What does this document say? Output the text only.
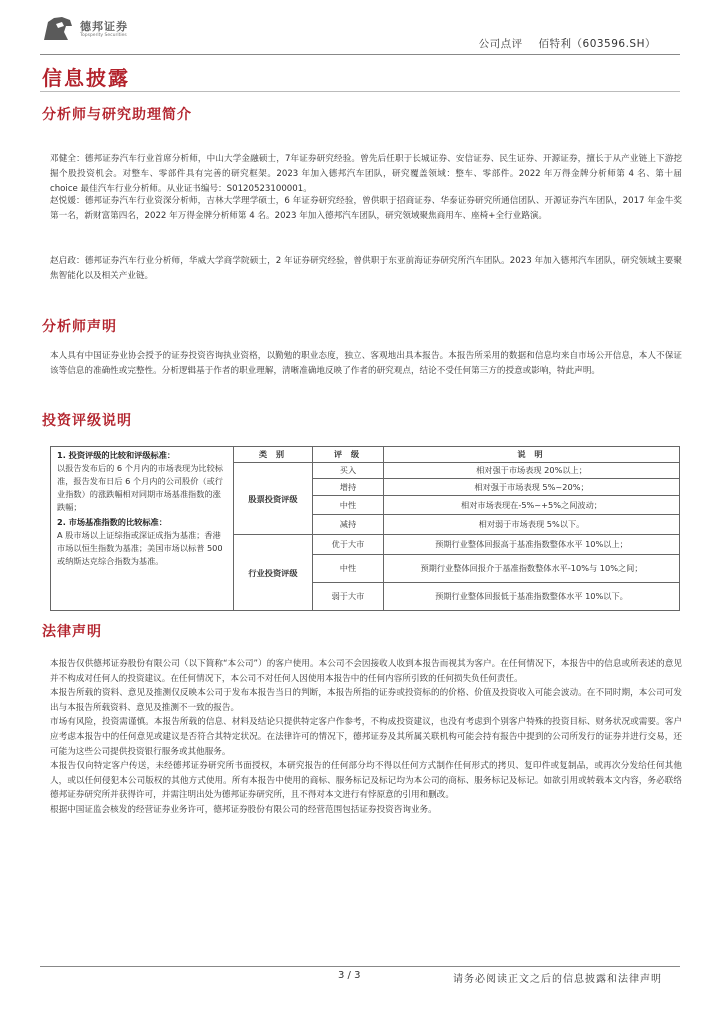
德邦证券
Topsperity Securities
公司点评 佰特利（603596.SH）
信息披露
分析师与研究助理简介
邓健全：德邦证券汽车行业首席分析师，中山大学金融硕士，7年证券研究经验。曾先后任职于长城证券、安信证券、民生证券、开源证券，擅长于从产业链上下游挖掘个股投资机会。对整车、零部件具有完善的研究框架。2023 年加入德邦汽车团队，研究覆盖领域：整车、零部件。2022 年万得金牌分析师第 4 名、第十届 choice 最佳汽车行业分析师。从业证书编号：S0120523100001。
赵悦媛：德邦证券汽车行业资深分析师，吉林大学理学硕士，6 年证券研究经验，曾供职于招商证券、华泰证券研究所通信团队、开源证券汽车团队，2017 年金牛奖第一名，新财富第四名，2022 年万得金牌分析师第 4 名。2023 年加入德邦汽车团队，研究领域聚焦商用车、座椅+全行业路演。
赵启政：德邦证券汽车行业分析师，华威大学商学院硕士，2 年证券研究经验，曾供职于东亚前海证券研究所汽车团队。2023 年加入德邦汽车团队，研究领域主要聚焦智能化以及相关产业链。
分析师声明
本人具有中国证券业协会授予的证券投资咨询执业资格，以勤勉的职业态度，独立、客观地出具本报告。本报告所采用的数据和信息均来自市场公开信息，本人不保证该等信息的准确性或完整性。分析逻辑基于作者的职业理解，清晰准确地反映了作者的研究观点，结论不受任何第三方的授意或影响，特此声明。
投资评级说明
1. 投资评级的比较和评级标准：
以报告发布后的 6 个月内的市场表现为比较标准，报告发布日后 6 个月内的公司股价（或行业指数）的涨跌幅相对同期市场基准指数的涨跌幅；
2. 市场基准指数的比较标准：
A 股市场以上证综指或深证成指为基准；香港市场以恒生指数为基准；美国市场以标普 500 或纳斯达克综合指数为基准。	类 别	评 级	说 明
	股票投资评级	买入	相对强于市场表现 20%以上；
		增持	相对强于市场表现 5%~20%；
		中性	相对市场表现在-5%~+5%之间波动；
		减持	相对弱于市场表现 5%以下。
	行业投资评级	优于大市	预期行业整体回报高于基准指数整体水平 10%以上；
		中性	预期行业整体回报介于基准指数整体水平-10%与 10%之间；
		弱于大市	预期行业整体回报低于基准指数整体水平 10%以下。
法律声明

本报告仅供德邦证券股份有限公司（以下简称“本公司”）的客户使用。本公司不会因接收人收到本报告而视其为客户。在任何情况下，本报告中的信息或所表述的意见并不构成对任何人的投资建议。在任何情况下，本公司不对任何人因使用本报告中的任何内容所引致的任何损失负任何责任。

本报告所载的资料、意见及推测仅反映本公司于发布本报告当日的判断，本报告所指的证券或投资标的的价格、价值及投资收入可能会波动。在不同时期，本公司可发出与本报告所载资料、意见及推测不一致的报告。

市场有风险，投资需谨慎。本报告所载的信息、材料及结论只提供特定客户作参考，不构成投资建议，也没有考虑到个别客户特殊的投资目标、财务状况或需要。客户应考虑本报告中的任何意见或建议是否符合其特定状况。在法律许可的情况下，德邦证券及其所属关联机构可能会持有报告中提到的公司所发行的证券并进行交易，还可能为这些公司提供投资银行服务或其他服务。

本报告仅向特定客户传送，未经德邦证券研究所书面授权，本研究报告的任何部分均不得以任何方式制作任何形式的拷贝、复印件或复制品，或再次分发给任何其他人，或以任何侵犯本公司版权的其他方式使用。所有本报告中使用的商标、服务标记及标记均为本公司的商标、服务标记及标记。如欲引用或转载本文内容，务必联络德邦证券研究所并获得许可，并需注明出处为德邦证券研究所，且不得对本文进行有悖原意的引用和删改。

根据中国证监会核发的经营证券业务许可，德邦证券股份有限公司的经营范围包括证券投资咨询业务。

3 / 3	请务必阅读正文之后的信息披露和法律声明
